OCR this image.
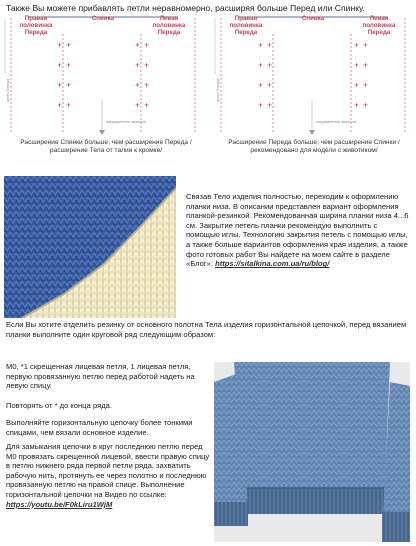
Также Вы можете прибавлять петли неравномерно, расширяя больше Перед или Спинку.
+ +
+ +
+ +
+ +
+ +
+ +
+ +
+ +
Правая половинка Переда
Спинка	Левая половинка Переда
центр Переда
направление вязания
Расширение Спинки больше, чем расширение Переда /расширение Тела от талии к кромке/
+ +
+ +
+ +
+ +
+ +
+ +
+ +
+ +
Правая половинка Переда
Спинка	Левая половинка Переда
центр Переда
направление вязания
Расширение Переда больше, чем расширение Спинки /рекомендовано для модели с животиком/
Связав Тело изделия полностью, переходим к оформлению планки низа. В описании представлен вариант оформления планкой-резинкой. Рекомендованная ширина планки низа 4...6 см. Закрытие петель планки рекомендую выполнить с помощью иглы. Технологию закрытия петель с помощью иглы, а также больше вариантов оформления края изделия, а также фото готовых работ Вы найдете на моем сайте в разделе «Блог»: https://sitalkina.com.ua/ru/blog/
Если Вы хотите отделить резинку от основного полотна Тела изделия горизонтальной цепочкой, перед вязанием планки выполните один круговой ряд следующим образом:
М0, *1 скрещенная лицевая петля, 1 лицевая петля, первую провязанную петлю перед работой надеть на левую спицу.
Повторять от * до конца ряда.
Выполняйте горизонтальную цепочку более тонкими спицами, чем вязали основное изделие.
Для замыкания цепочки в круг последнюю петлю перед М0 провязать скрещенной лицевой, ввести правую спицу в петлю нижнего ряда первой петли ряда, захватить рабочую нить, протянуть ее через полотно и последнюю провязанную петлю на правой спице. Выполнение горизонтальной цепочки на Видео по ссылке: https://youtu.be/F0kLiru1WjM
